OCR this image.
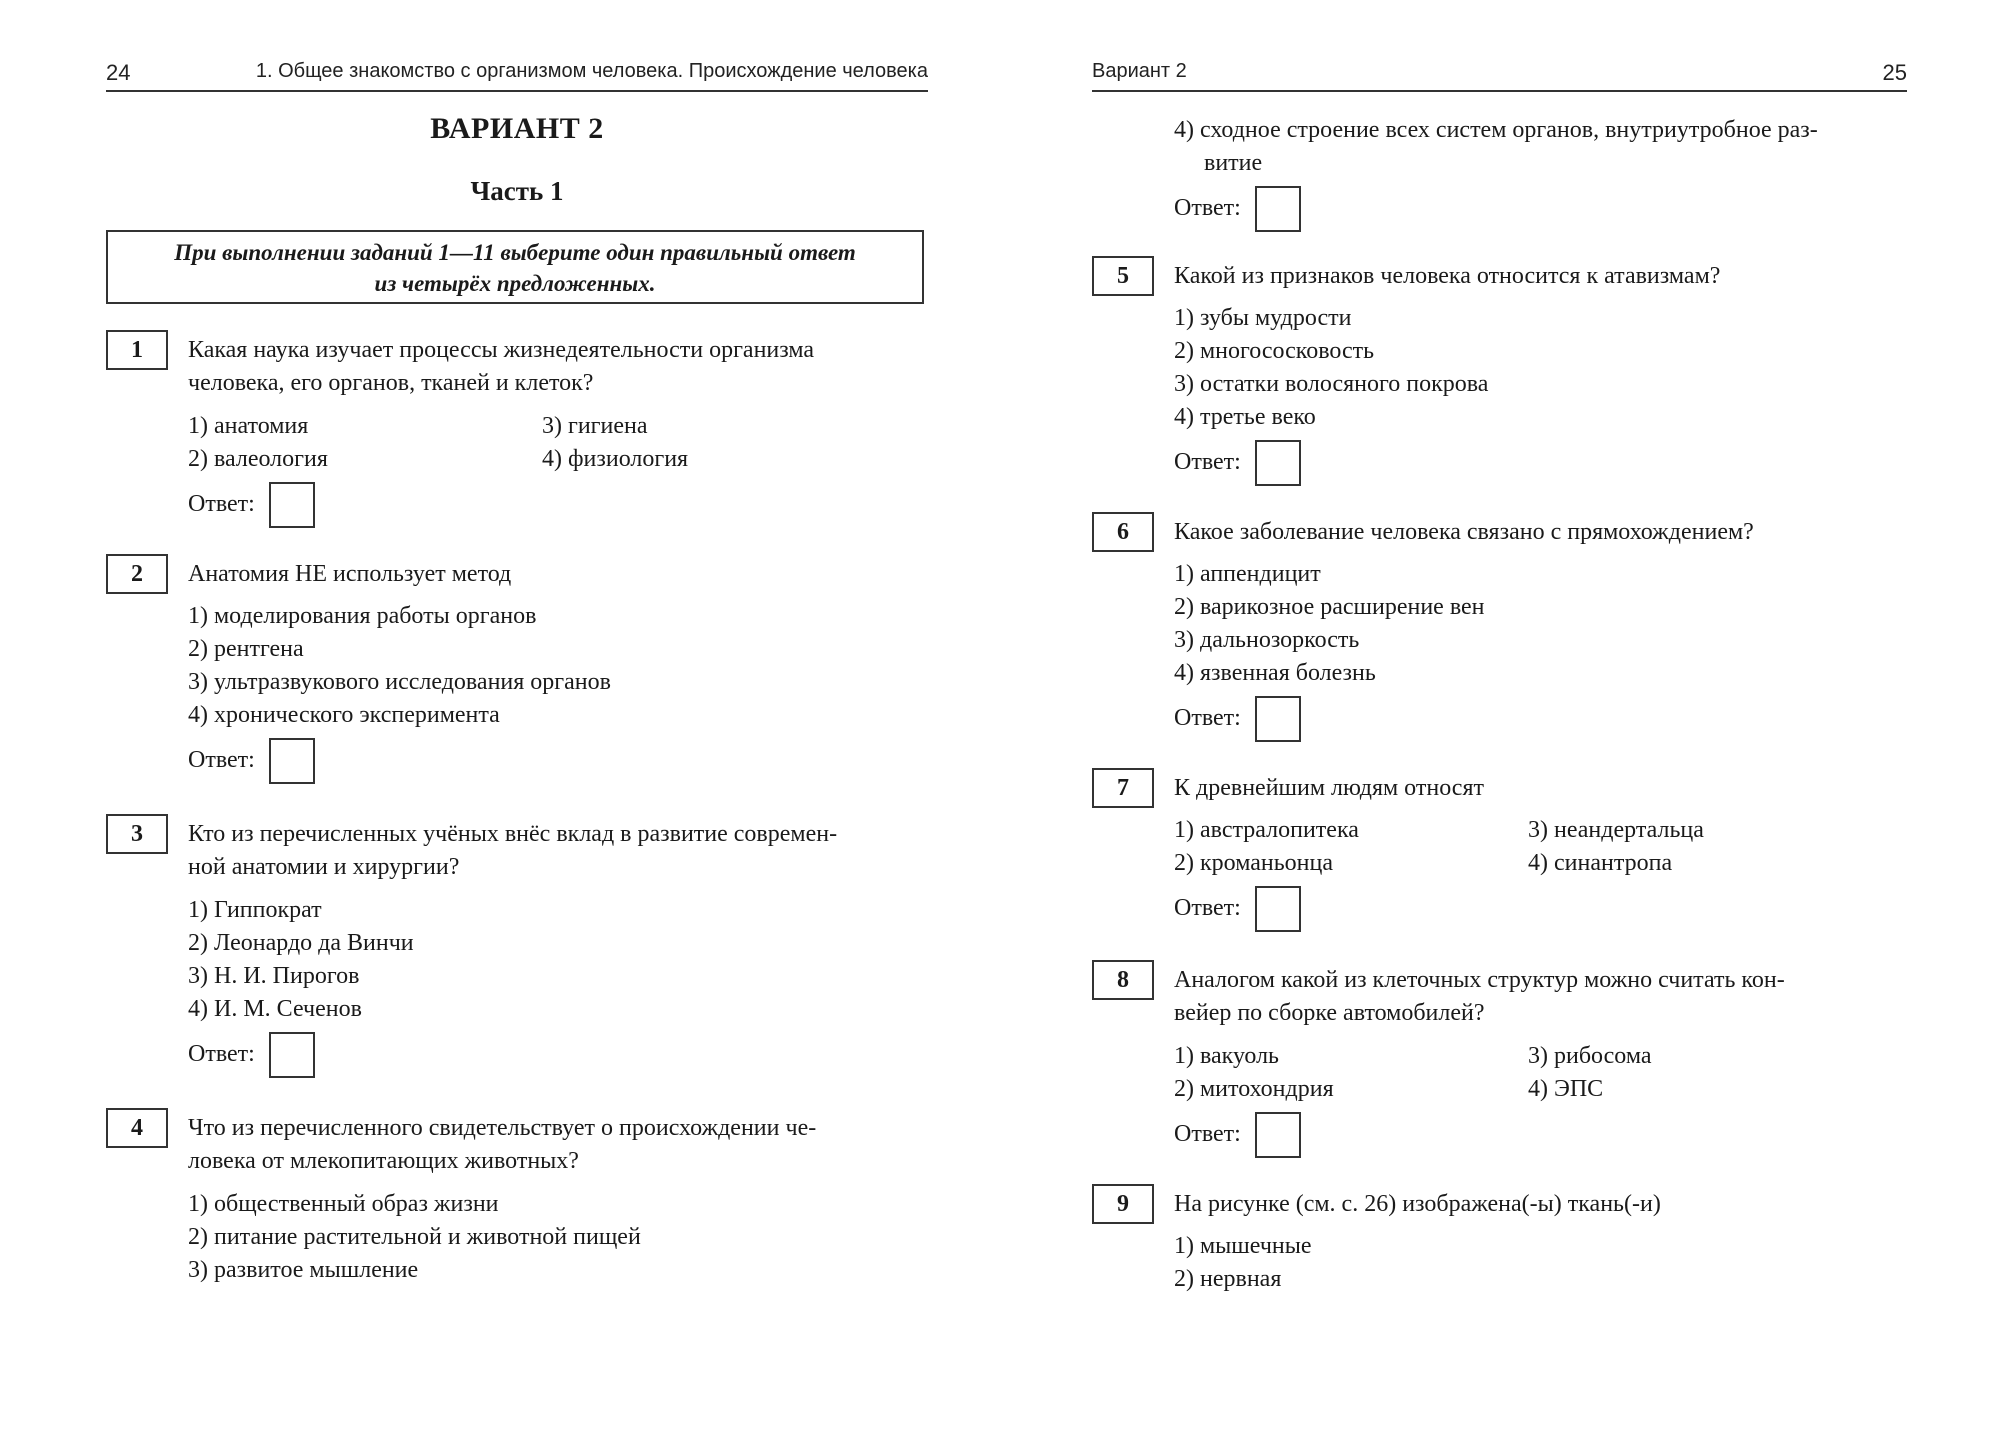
24	1. Общее знакомство с организмом человека. Происхождение человека
ВАРИАНТ 2
Часть 1
При выполнении заданий 1—11 выберите один правильный ответ
из четырёх предложенных.
1	Какая наука изучает процессы жизнедеятельности организма
человека, его органов, тканей и клеток?
1) анатомия
2) валеология
3) гигиена
4) физиология
Ответ:
2	Анатомия НЕ использует метод
1) моделирования работы органов
2) рентгена
3) ультразвукового исследования органов
4) хронического эксперимента
Ответ:
3	Кто из перечисленных учёных внёс вклад в развитие современ-
ной анатомии и хирургии?
1) Гиппократ
2) Леонардо да Винчи
3) Н. И. Пирогов
4) И. М. Сеченов
Ответ:
4	Что из перечисленного свидетельствует о происхождении че-
ловека от млекопитающих животных?
1) общественный образ жизни
2) питание растительной и животной пищей
3) развитое мышление
Вариант 2	25
4) сходное строение всех систем органов, внутриутробное раз-
витие
Ответ:
5	Какой из признаков человека относится к атавизмам?
1) зубы мудрости
2) многососковость
3) остатки волосяного покрова
4) третье веко
Ответ:
6	Какое заболевание человека связано с прямохождением?
1) аппендицит
2) варикозное расширение вен
3) дальнозоркость
4) язвенная болезнь
Ответ:
7	К древнейшим людям относят
1) австралопитека
2) кроманьонца
3) неандертальца
4) синантропа
Ответ:
8	Аналогом какой из клеточных структур можно считать кон-
вейер по сборке автомобилей?
1) вакуоль
2) митохондрия
3) рибосома
4) ЭПС
Ответ:
9	На рисунке (см. с. 26) изображена(-ы) ткань(-и)
1) мышечные
2) нервная
